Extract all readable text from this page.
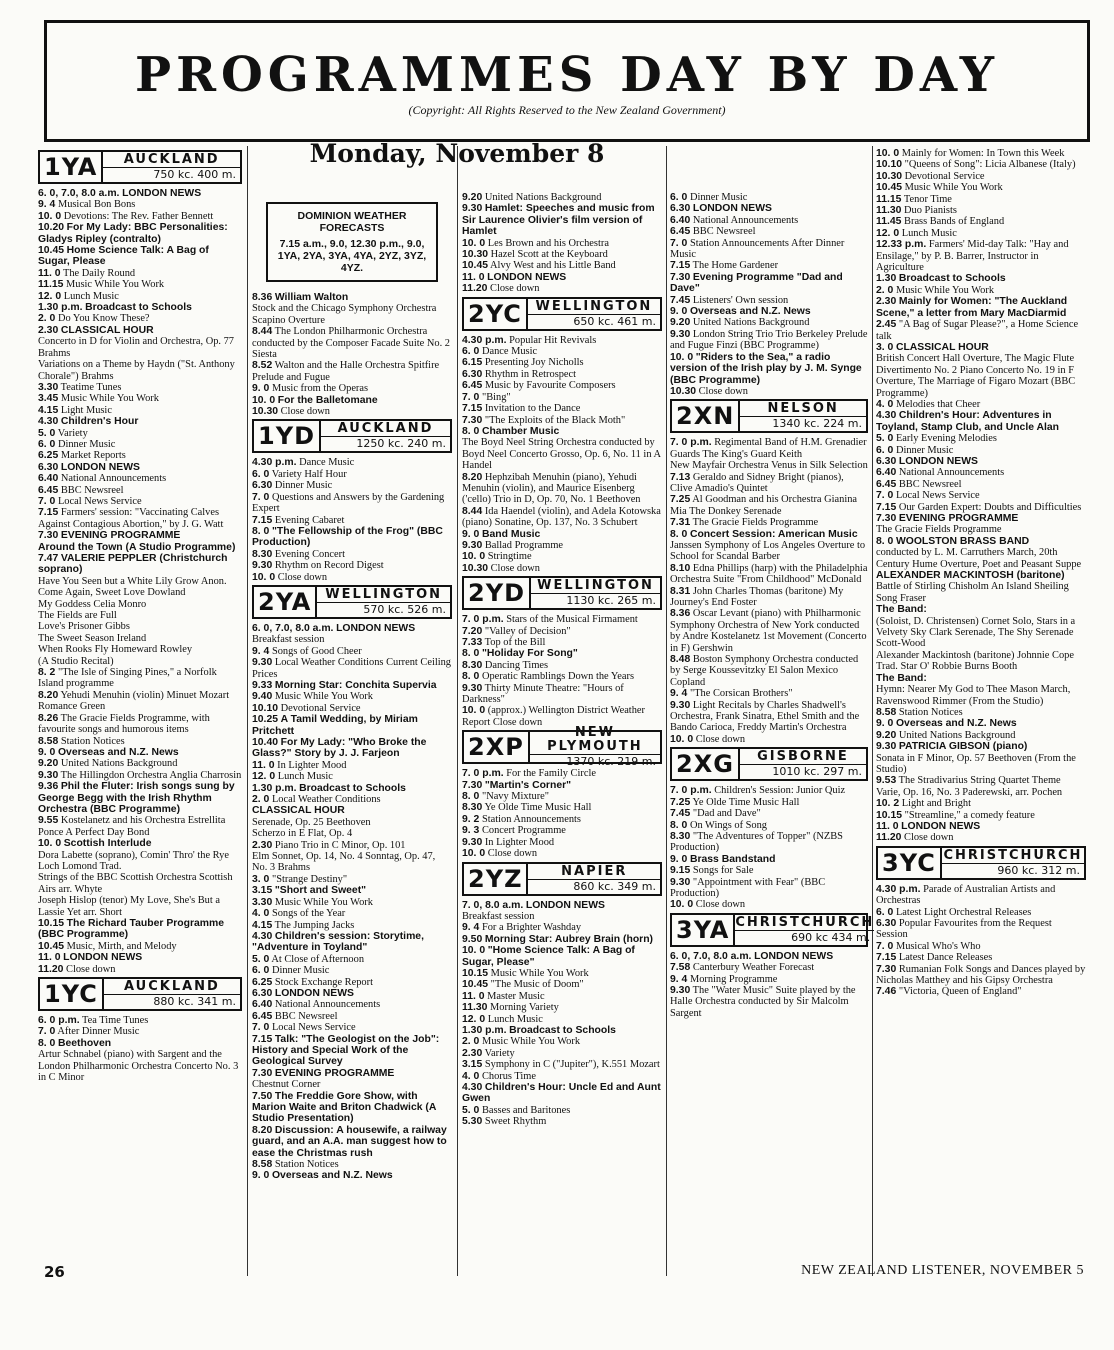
PROGRAMMES DAY BY DAY
(Copyright: All Rights Reserved to the New Zealand Government)
1YA	AUCKLAND
750 kc. 400 m.
6. 0, 7.0, 8.0 a.m. LONDON NEWS
9. 4 Musical Bon Bons
10. 0 Devotions: The Rev. Father Bennett
10.20 For My Lady: BBC Personalities: Gladys Ripley (contralto)
10.45 Home Science Talk: A Bag of Sugar, Please
11. 0 The Daily Round
11.15 Music While You Work
12. 0 Lunch Music
1.30 p.m. Broadcast to Schools
2. 0 Do You Know These?
2.30 CLASSICAL HOUR
Concerto in D for Violin and Orchestra, Op. 77 Brahms
Variations on a Theme by Haydn ("St. Anthony Chorale") Brahms
3.30 Teatime Tunes
3.45 Music While You Work
4.15 Light Music
4.30 Children's Hour
5. 0 Variety
6. 0 Dinner Music
6.25 Market Reports
6.30 LONDON NEWS
6.40 National Announcements
6.45 BBC Newsreel
7. 0 Local News Service
7.15 Farmers' session: "Vaccinating Calves Against Contagious Abortion," by J. G. Watt
7.30 EVENING PROGRAMME
Around the Town (A Studio Programme)
7.47 VALERIE PEPPLER (Christchurch soprano)
Have You Seen but a White Lily Grow Anon.
Come Again, Sweet Love Dowland
My Goddess Celia Monro
The Fields are Full
Love's Prisoner Gibbs
The Sweet Season Ireland
When Rooks Fly Homeward Rowley
(A Studio Recital)
8. 2 "The Isle of Singing Pines," a Norfolk Island programme
8.20 Yehudi Menuhin (violin) Minuet Mozart Romance Green
8.26 The Gracie Fields Programme, with favourite songs and humorous items
8.58 Station Notices
9. 0 Overseas and N.Z. News
9.20 United Nations Background
9.30 The Hillingdon Orchestra Anglia Charrosin
9.36 Phil the Fluter: Irish songs sung by George Begg with the Irish Rhythm Orchestra (BBC Programme)
9.55 Kostelanetz and his Orchestra Estrellita Ponce A Perfect Day Bond
10. 0 Scottish Interlude
Dora Labette (soprano), Comin' Thro' the Rye Loch Lomond Trad.
Strings of the BBC Scottish Orchestra Scottish Airs arr. Whyte
Joseph Hislop (tenor) My Love, She's But a Lassie Yet arr. Short
10.15 The Richard Tauber Programme (BBC Programme)
10.45 Music, Mirth, and Melody
11. 0 LONDON NEWS
11.20 Close down
1YC	AUCKLAND
880 kc. 341 m.
6. 0 p.m. Tea Time Tunes
7. 0 After Dinner Music
8. 0 Beethoven
Artur Schnabel (piano) with Sargent and the London Philharmonic Orchestra Concerto No. 3 in C Minor
Monday, November 8
DOMINION WEATHER FORECASTS
7.15 a.m., 9.0, 12.30 p.m., 9.0, 1YA, 2YA, 3YA, 4YA, 2YZ, 3YZ, 4YZ.
8.36 William Walton
Stock and the Chicago Symphony Orchestra Scapino Overture
8.44 The London Philharmonic Orchestra conducted by the Composer Facade Suite No. 2 Siesta
8.52 Walton and the Halle Orchestra Spitfire Prelude and Fugue
9. 0 Music from the Operas
10. 0 For the Balletomane
10.30 Close down
1YD	AUCKLAND
1250 kc. 240 m.
4.30 p.m. Dance Music
6. 0 Variety Half Hour
6.30 Dinner Music
7. 0 Questions and Answers by the Gardening Expert
7.15 Evening Cabaret
8. 0 "The Fellowship of the Frog" (BBC Production)
8.30 Evening Concert
9.30 Rhythm on Record Digest
10. 0 Close down
2YA	WELLINGTON
570 kc. 526 m.
6. 0, 7.0, 8.0 a.m. LONDON NEWS
Breakfast session
9. 4 Songs of Good Cheer
9.30 Local Weather Conditions Current Ceiling Prices
9.33 Morning Star: Conchita Supervia
9.40 Music While You Work
10.10 Devotional Service
10.25 A Tamil Wedding, by Miriam Pritchett
10.40 For My Lady: "Who Broke the Glass?" Story by J. J. Farjeon
11. 0 In Lighter Mood
12. 0 Lunch Music
1.30 p.m. Broadcast to Schools
2. 0 Local Weather Conditions
CLASSICAL HOUR
Serenade, Op. 25 Beethoven
Scherzo in E Flat, Op. 4
2.30 Piano Trio in C Minor, Op. 101
Elm Sonnet, Op. 14, No. 4 Sonntag, Op. 47, No. 3 Brahms
3. 0 "Strange Destiny"
3.15 "Short and Sweet"
3.30 Music While You Work
4. 0 Songs of the Year
4.15 The Jumping Jacks
4.30 Children's session: Storytime, "Adventure in Toyland"
5. 0 At Close of Afternoon
6. 0 Dinner Music
6.25 Stock Exchange Report
6.30 LONDON NEWS
6.40 National Announcements
6.45 BBC Newsreel
7. 0 Local News Service
7.15 Talk: "The Geologist on the Job": History and Special Work of the Geological Survey
7.30 EVENING PROGRAMME
Chestnut Corner
7.50 The Freddie Gore Show, with Marion Waite and Briton Chadwick (A Studio Presentation)
8.20 Discussion: A housewife, a railway guard, and an A.A. man suggest how to ease the Christmas rush
8.58 Station Notices
9. 0 Overseas and N.Z. News
9.20 United Nations Background
9.30 Hamlet: Speeches and music from Sir Laurence Olivier's film version of Hamlet
10. 0 Les Brown and his Orchestra
10.30 Hazel Scott at the Keyboard
10.45 Alvy West and his Little Band
11. 0 LONDON NEWS
11.20 Close down
2YC	WELLINGTON
650 kc. 461 m.
4.30 p.m. Popular Hit Revivals
6. 0 Dance Music
6.15 Presenting Joy Nicholls
6.30 Rhythm in Retrospect
6.45 Music by Favourite Composers
7. 0 "Bing"
7.15 Invitation to the Dance
7.30 "The Exploits of the Black Moth"
8. 0 Chamber Music
The Boyd Neel String Orchestra conducted by Boyd Neel Concerto Grosso, Op. 6, No. 11 in A Handel
8.20 Hephzibah Menuhin (piano), Yehudi Menuhin (violin), and Maurice Eisenberg ('cello) Trio in D, Op. 70, No. 1 Beethoven
8.44 Ida Haendel (violin), and Adela Kotowska (piano) Sonatine, Op. 137, No. 3 Schubert
9. 0 Band Music
9.30 Ballad Programme
10. 0 Stringtime
10.30 Close down
2YD WELLINGTON
1130 kc. 265 m.
7. 0 p.m. Stars of the Musical Firmament
7.20 "Valley of Decision"
7.33 Top of the Bill
8. 0 "Holiday For Song"
8.30 Dancing Times
8. 0 Operatic Ramblings Down the Years
9.30 Thirty Minute Theatre: "Hours of Darkness"
10. 0 (approx.) Wellington District Weather Report Close down
2XP
NEW PLYMOUTH
1370 kc. 219 m.
7. 0 p.m. For the Family Circle
7.30 "Martin's Corner"
8. 0 "Navy Mixture"
8.30 Ye Olde Time Music Hall
9. 2 Station Announcements
9. 3 Concert Programme
9.30 In Lighter Mood
10. 0 Close down
2YZ	NAPIER
860 kc. 349 m.
7. 0, 8.0 a.m. LONDON NEWS
Breakfast session
9. 4 For a Brighter Washday
9.50 Morning Star: Aubrey Brain (horn)
10. 0 "Home Science Talk: A Bag of Sugar, Please"
10.15 Music While You Work
10.45 "The Music of Doom"
11. 0 Master Music
11.30 Morning Variety
12. 0 Lunch Music
1.30 p.m. Broadcast to Schools
2. 0 Music While You Work
2.30 Variety
3.15 Symphony in C ("Jupiter"), K.551 Mozart
4. 0 Chorus Time
4.30 Children's Hour: Uncle Ed and Aunt Gwen
5. 0 Basses and Baritones
5.30 Sweet Rhythm
6. 0 Dinner Music
6.30 LONDON NEWS
6.40 National Announcements
6.45 BBC Newsreel
7. 0 Station Announcements After Dinner Music
7.15 The Home Gardener
7.30 Evening Programme "Dad and Dave"
7.45 Listeners' Own session
9. 0 Overseas and N.Z. News
9.20 United Nations Background
9.30 London String Trio Trio Berkeley Prelude and Fugue Finzi (BBC Programme)
10. 0 "Riders to the Sea," a radio version of the Irish play by J. M. Synge (BBC Programme)
10.30 Close down
2XN	NELSON
1340 kc. 224 m.
7. 0 p.m. Regimental Band of H.M. Grenadier Guards The King's Guard Keith
New Mayfair Orchestra Venus in Silk Selection
7.13 Geraldo and Sidney Bright (pianos), Clive Amadio's Quintet
7.25 Al Goodman and his Orchestra Gianina Mia The Donkey Serenade
7.31 The Gracie Fields Programme
8. 0 Concert Session: American Music
Janssen Symphony of Los Angeles Overture to School for Scandal Barber
8.10 Edna Phillips (harp) with the Philadelphia Orchestra Suite "From Childhood" McDonald
8.31 John Charles Thomas (baritone) My Journey's End Foster
8.36 Oscar Levant (piano) with Philharmonic Symphony Orchestra of New York conducted by Andre Kostelanetz 1st Movement (Concerto in F) Gershwin
8.48 Boston Symphony Orchestra conducted by Serge Koussevitzky El Salon Mexico Copland
9. 4 "The Corsican Brothers"
9.30 Light Recitals by Charles Shadwell's Orchestra, Frank Sinatra, Ethel Smith and the Bando Carioca, Freddy Martin's Orchestra
10. 0 Close down
2XG	GISBORNE
1010 kc. 297 m.
7. 0 p.m. Children's Session: Junior Quiz
7.25 Ye Olde Time Music Hall
7.45 "Dad and Dave"
8. 0 On Wings of Song
8.30 "The Adventures of Topper" (NZBS Production)
9. 0 Brass Bandstand
9.15 Songs for Sale
9.30 "Appointment with Fear" (BBC Production)
10. 0 Close down
3YA CHRISTCHURCH
690 kc 434 m.
6. 0, 7.0, 8.0 a.m. LONDON NEWS
7.58 Canterbury Weather Forecast
9. 4 Morning Programme
9.30 The "Water Music" Suite played by the Halle Orchestra conducted by Sir Malcolm Sargent
10. 0 Mainly for Women: In Town this Week
10.10 "Queens of Song": Licia Albanese (Italy)
10.30 Devotional Service
10.45 Music While You Work
11.15 Tenor Time
11.30 Duo Pianists
11.45 Brass Bands of England
12. 0 Lunch Music
12.33 p.m. Farmers' Mid-day Talk: "Hay and Ensilage," by P. B. Barrer, Instructor in Agriculture
1.30 Broadcast to Schools
2. 0 Music While You Work
2.30 Mainly for Women: "The Auckland Scene," a letter from Mary MacDiarmid
2.45 "A Bag of Sugar Please?", a Home Science talk
3. 0 CLASSICAL HOUR
British Concert Hall Overture, The Magic Flute Divertimento No. 2 Piano Concerto No. 19 in F Overture, The Marriage of Figaro Mozart (BBC Programme)
4. 0 Melodies that Cheer
4.30 Children's Hour: Adventures in Toyland, Stamp Club, and Uncle Alan
5. 0 Early Evening Melodies
6. 0 Dinner Music
6.30 LONDON NEWS
6.40 National Announcements
6.45 BBC Newsreel
7. 0 Local News Service
7.15 Our Garden Expert: Doubts and Difficulties
7.30 EVENING PROGRAMME
The Gracie Fields Programme
8. 0 WOOLSTON BRASS BAND
conducted by L. M. Carruthers March, 20th Century Hume Overture, Poet and Peasant Suppe
ALEXANDER MACKINTOSH (baritone)
Battle of Stirling Chisholm An Island Sheiling Song Fraser
The Band:
(Soloist, D. Christensen) Cornet Solo, Stars in a Velvety Sky Clark Serenade, The Shy Serenade Scott-Wood
Alexander Mackintosh (baritone) Johnnie Cope Trad. Star O' Robbie Burns Booth
The Band:
Hymn: Nearer My God to Thee Mason March, Ravenswood Rimmer (From the Studio)
8.58 Station Notices
9. 0 Overseas and N.Z. News
9.20 United Nations Background
9.30 PATRICIA GIBSON (piano)
Sonata in F Minor, Op. 57 Beethoven (From the Studio)
9.53 The Stradivarius String Quartet Theme Varie, Op. 16, No. 3 Paderewski, arr. Pochen
10. 2 Light and Bright
10.15 "Streamline," a comedy feature
11. 0 LONDON NEWS
11.20 Close down
3YC CHRISTCHURCH
960 kc. 312 m.
4.30 p.m. Parade of Australian Artists and Orchestras
6. 0 Latest Light Orchestral Releases
6.30 Popular Favourites from the Request Session
7. 0 Musical Who's Who
7.15 Latest Dance Releases
7.30 Rumanian Folk Songs and Dances played by Nicholas Matthey and his Gipsy Orchestra
7.46 "Victoria, Queen of England"
26	NEW ZEALAND LISTENER, NOVEMBER 5
